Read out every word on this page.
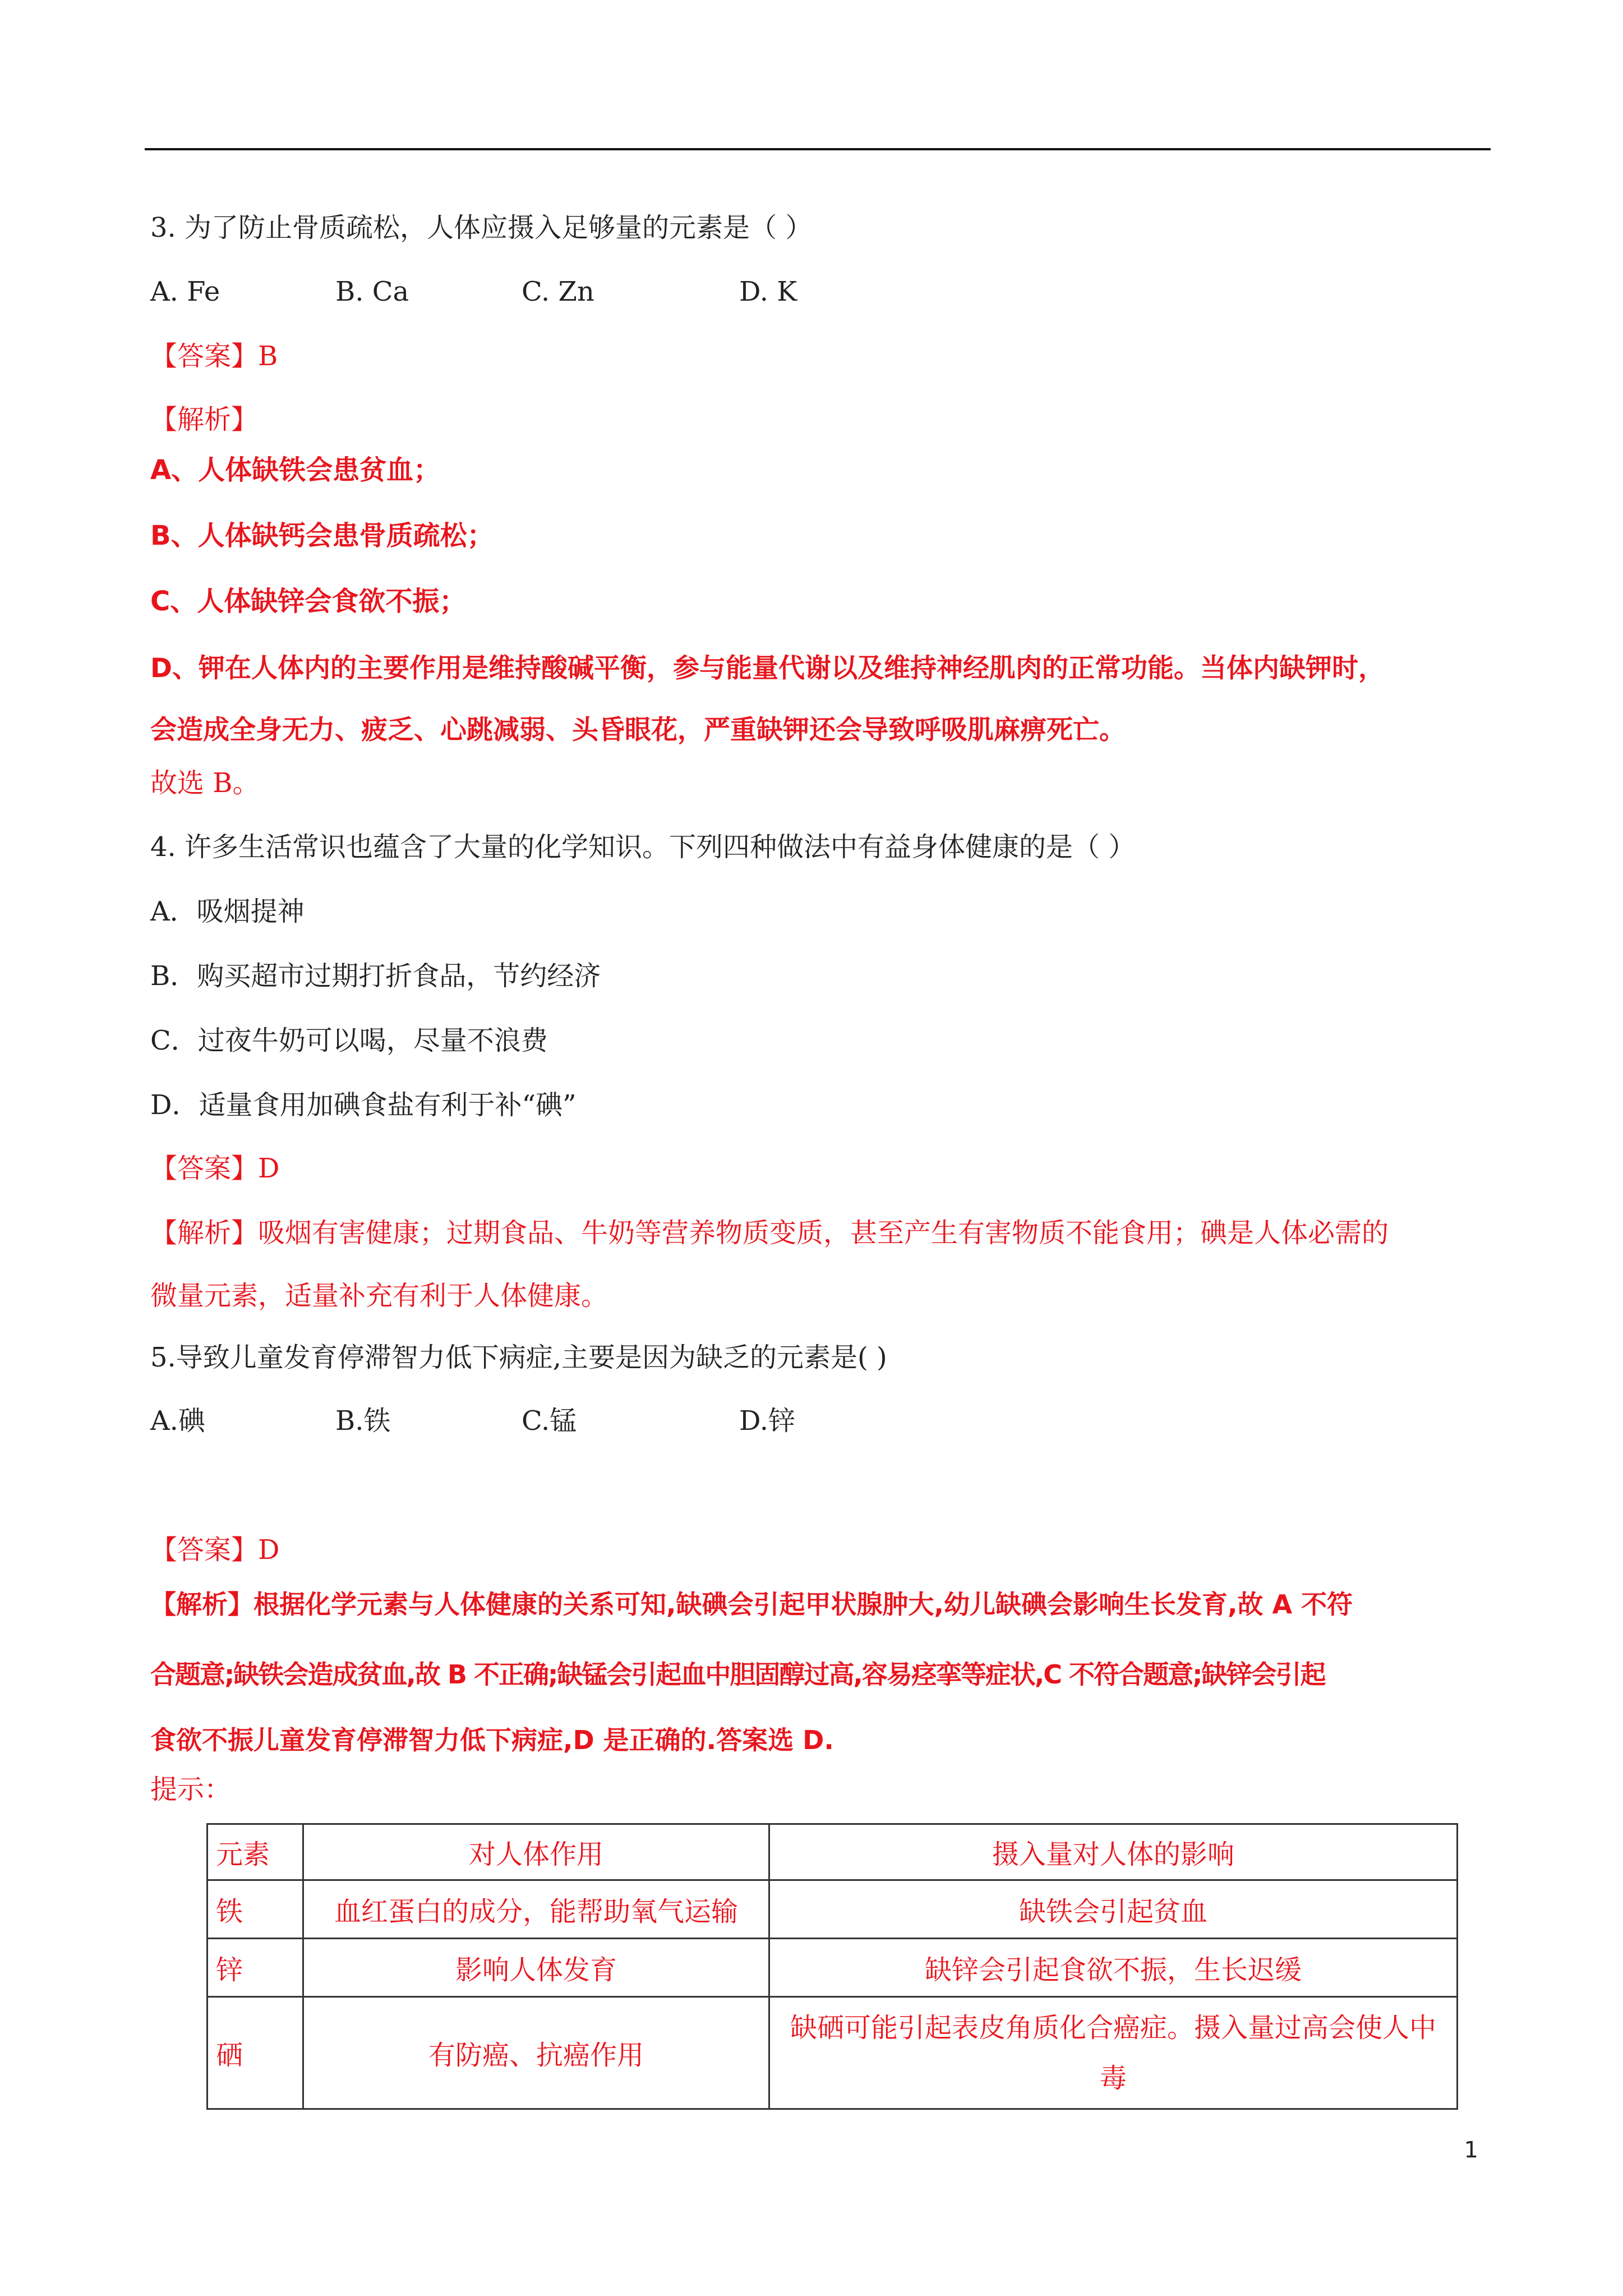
3. 为了防止骨质疏松，人体应摄入足够量的元素是（ ）
A. Fe	B. Ca	C. Zn	D. K
【答案】B
【解析】
A、人体缺铁会患贫血；
B、人体缺钙会患骨质疏松；
C、人体缺锌会食欲不振；
D、钾在人体内的主要作用是维持酸碱平衡，参与能量代谢以及维持神经肌肉的正常功能。当体内缺钾时，
会造成全身无力、疲乏、心跳减弱、头昏眼花，严重缺钾还会导致呼吸肌麻痹死亡。
故选 B。
4. 许多生活常识也蕴含了大量的化学知识。下列四种做法中有益身体健康的是（ ）
A．吸烟提神
B．购买超市过期打折食品，节约经济
C．过夜牛奶可以喝，尽量不浪费
D．适量食用加碘食盐有利于补“碘”
【答案】D
【解析】吸烟有害健康；过期食品、牛奶等营养物质变质，甚至产生有害物质不能食用；碘是人体必需的
微量元素，适量补充有利于人体健康。
5.导致儿童发育停滞智力低下病症,主要是因为缺乏的元素是( )
A.碘	B.铁	C.锰	D.锌
【答案】D
【解析】根据化学元素与人体健康的关系可知,缺碘会引起甲状腺肿大,幼儿缺碘会影响生长发育,故 A 不符
合题意;缺铁会造成贫血,故 B 不正确;缺锰会引起血中胆固醇过高,容易痉挛等症状,C 不符合题意;缺锌会引起
食欲不振儿童发育停滞智力低下病症,D 是正确的.答案选 D.
提示：
元素	对人体作用	摄入量对人体的影响
铁	血红蛋白的成分，能帮助氧气运输	缺铁会引起贫血
锌	影响人体发育	缺锌会引起食欲不振，生长迟缓
硒	有防癌、抗癌作用	缺硒可能引起表皮角质化合癌症。摄入量过高会使人中毒
1
